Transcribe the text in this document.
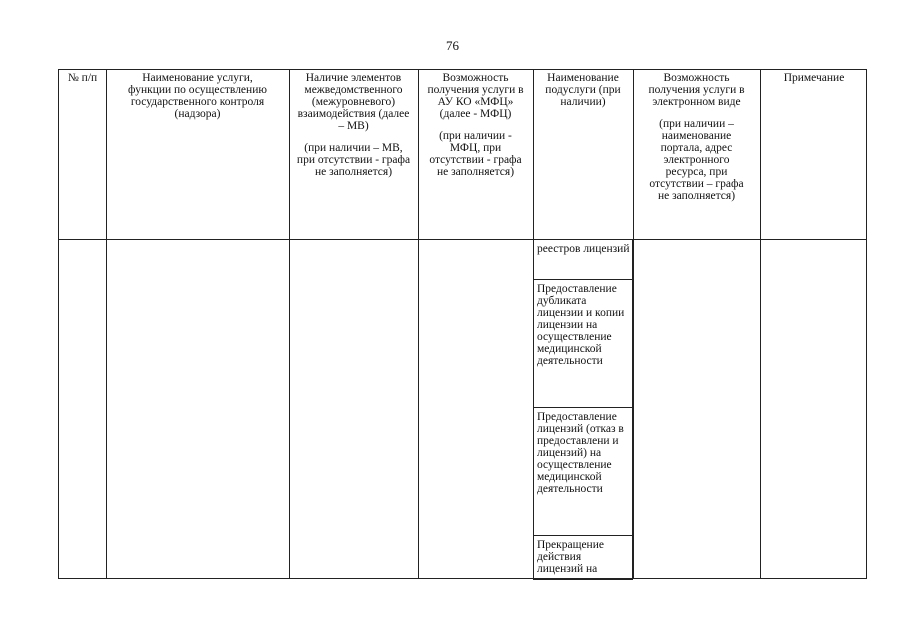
76

№ п/п	Наименование услуги, функции по осуществлению государственного контроля (надзора)

Наличие элементов межведомственного (межуровневого) взаимодействия (далее – МВ)

(при наличии – МВ, при отсутствии - графа не заполняется)

Возможность получения услуги в АУ КО «МФЦ» (далее - МФЦ)

(при наличии - МФЦ, при отсутствии - графа не заполняется)

Наименование подуслуги (при наличии)

Возможность получения услуги в электронном виде

(при наличии – наименование портала, адрес электронного ресурса, при отсутствии – графа не заполняется)

Примечание

реестров лицензий
Предоставление дубликата лицензии и копии лицензии на осуществление медицинской деятельности
Предоставление лицензий (отказ в предоставлени и лицензий) на осуществление медицинской деятельности
Прекращение действия лицензий на
